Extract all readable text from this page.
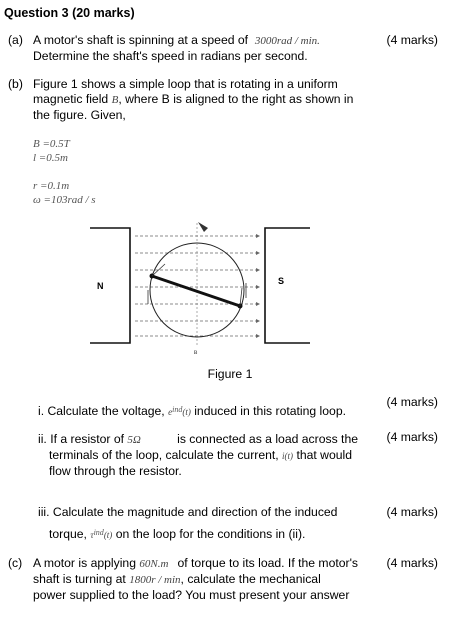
Question 3 (20 marks)
(a) A motor's shaft is spinning at a speed of 3000rad / min.
Determine the shaft's speed in radians per second.
(4 marks)
(b) Figure 1 shows a simple loop that is rotating in a uniform
magnetic field B, where B is aligned to the right as shown in
the figure. Given,
B =0.5T
l =0.5m
r =0.1m
ω =103rad / s
N	S
B
Figure 1
i. Calculate the voltage, $e_{ind}(t)$ induced in this rotating loop.
(4 marks)
ii. If a resistor of 5Ω	is connected as a load across the
terminals of the loop, calculate the current, i(t) that would
flow through the resistor.
(4 marks)
iii. Calculate the magnitude and direction of the induced
torque, $\tau_{ind}(t)$ on the loop for the conditions in (ii).
(4 marks)
(c) A motor is applying 60N.m of torque to its load. If the motor's
shaft is turning at 1800r / min, calculate the mechanical
power supplied to the load? You must present your answer
(4 marks)
